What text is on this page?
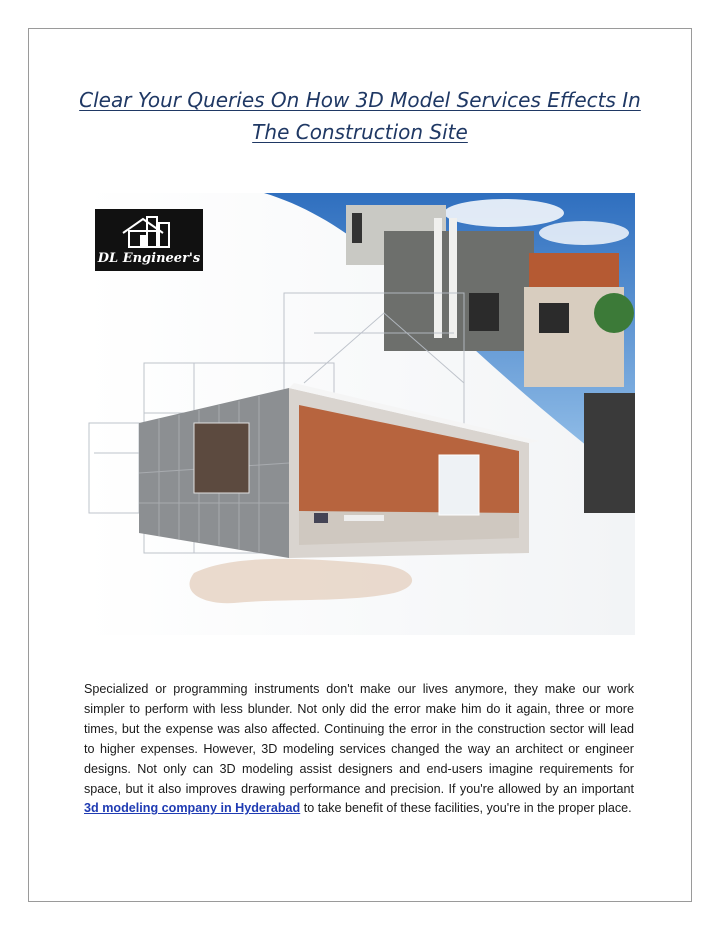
Clear Your Queries On How 3D Model Services Effects In
The Construction Site
DL Engineer's
Specialized or programming instruments don't make our lives anymore, they make our work simpler to perform with less blunder. Not only did the error make him do it again, three or more times, but the expense was also affected. Continuing the error in the construction sector will lead to higher expenses. However, 3D modeling services changed the way an architect or engineer designs. Not only can 3D modeling assist designers and end-users imagine requirements for space, but it also improves drawing performance and precision. If you're allowed by an important 3d modeling company in Hyderabad to take benefit of these facilities, you're in the proper place.
